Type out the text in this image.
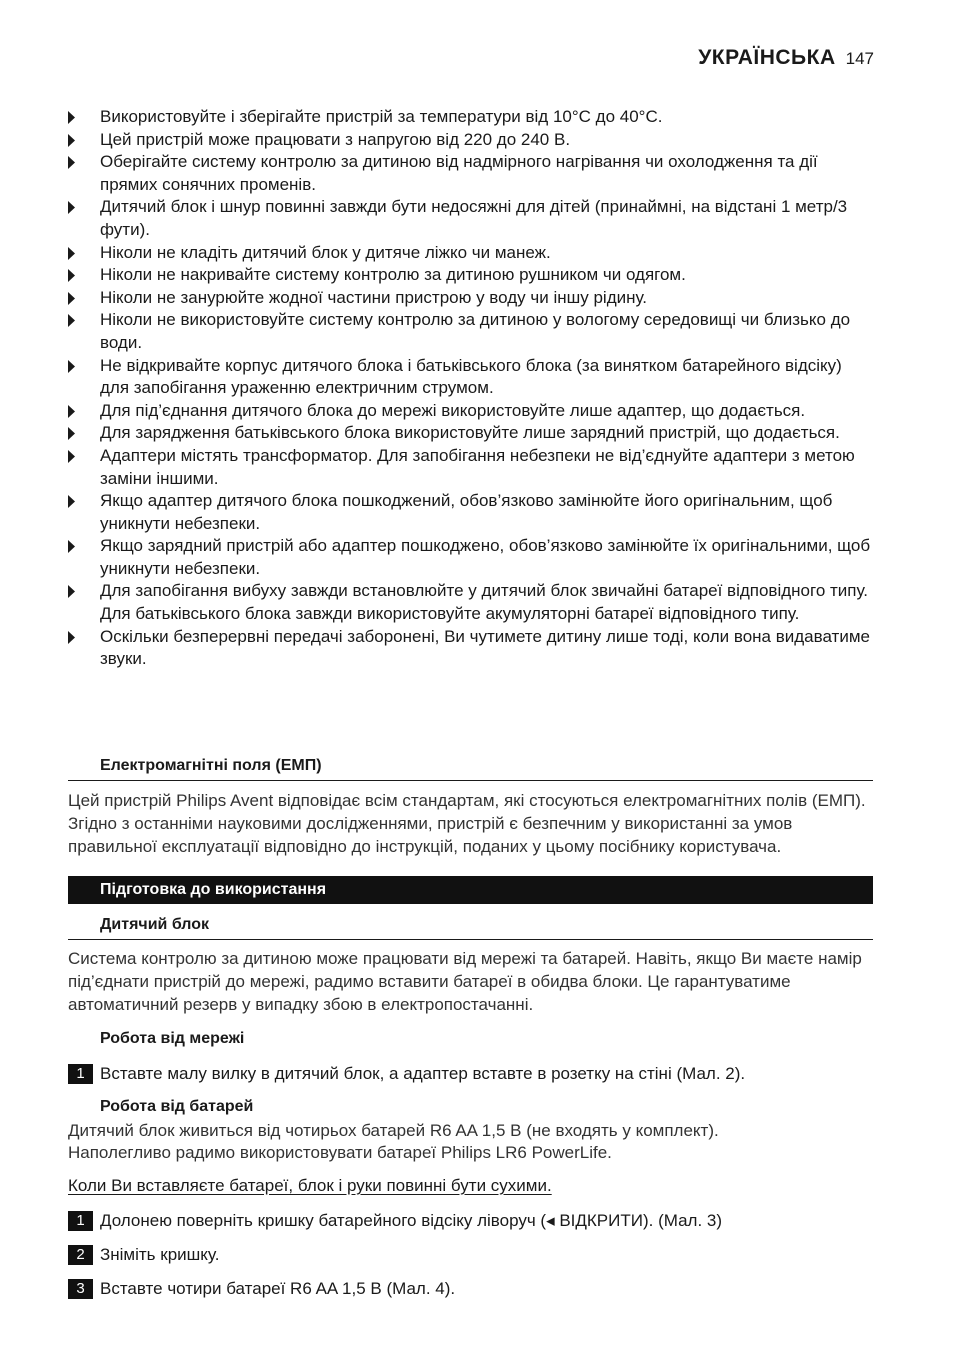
УКРАЇНСЬКА 147
Використовуйте і зберігайте пристрій за температури від 10°C до 40°C.
Цей пристрій може працювати з напругою від 220 до 240 В.
Оберігайте систему контролю за дитиною від надмірного нагрівання чи охолодження та дії прямих сонячних променів.
Дитячий блок і шнур повинні завжди бути недосяжні для дітей (принаймні, на відстані 1 метр/3 фути).
Ніколи не кладіть дитячий блок у дитяче ліжко чи манеж.
Ніколи не накривайте систему контролю за дитиною рушником чи одягом.
Ніколи не занурюйте жодної частини пристрою у воду чи іншу рідину.
Ніколи не використовуйте систему контролю за дитиною у вологому середовищі чи близько до води.
Не відкривайте корпус дитячого блока і батьківського блока (за винятком батарейного відсіку) для запобігання ураженню електричним струмом.
Для під’єднання дитячого блока до мережі використовуйте лише адаптер, що додається.
Для зарядження батьківського блока використовуйте лише зарядний пристрій, що додається.
Адаптери містять трансформатор. Для запобігання небезпеки не від’єднуйте адаптери з метою заміни іншими.
Якщо адаптер дитячого блока пошкоджений, обов’язково замінюйте його оригінальним, щоб уникнути небезпеки.
Якщо зарядний пристрій або адаптер пошкоджено, обов’язково замінюйте їх оригінальними, щоб уникнути небезпеки.
Для запобігання вибуху завжди встановлюйте у дитячий блок звичайні батареї відповідного типу. Для батьківського блока завжди використовуйте акумуляторні батареї відповідного типу.
Оскільки безперервні передачі заборонені, Ви чутимете дитину лише тоді, коли вона видаватиме звуки.
Електромагнітні поля (ЕМП)
Цей пристрій Philips Avent відповідає всім стандартам, які стосуються електромагнітних полів (ЕМП). Згідно з останніми науковими дослідженнями, пристрій є безпечним у використанні за умов правильної експлуатації відповідно до інструкцій, поданих у цьому посібнику користувача.
Підготовка до використання
Дитячий блок
Система контролю за дитиною може працювати від мережі та батарей. Навіть, якщо Ви маєте намір під’єднати пристрій до мережі, радимо вставити батареї в обидва блоки. Це гарантуватиме автоматичний резерв у випадку збою в електропостачанні.
Робота від мережі
1 Вставте малу вилку в дитячий блок, а адаптер вставте в розетку на стіні (Мал. 2).
Робота від батарей
Дитячий блок живиться від чотирьох батарей R6 AA 1,5 В (не входять у комплект).
Наполегливо радимо використовувати батареї Philips LR6 PowerLife.
Коли Ви вставляєте батареї, блок і руки повинні бути сухими.
1 Долонею поверніть кришку батарейного відсіку ліворуч (◂ ВІДКРИТИ). (Мал. 3)
2 Зніміть кришку.
3 Вставте чотири батареї R6 AA 1,5 В (Мал. 4).
